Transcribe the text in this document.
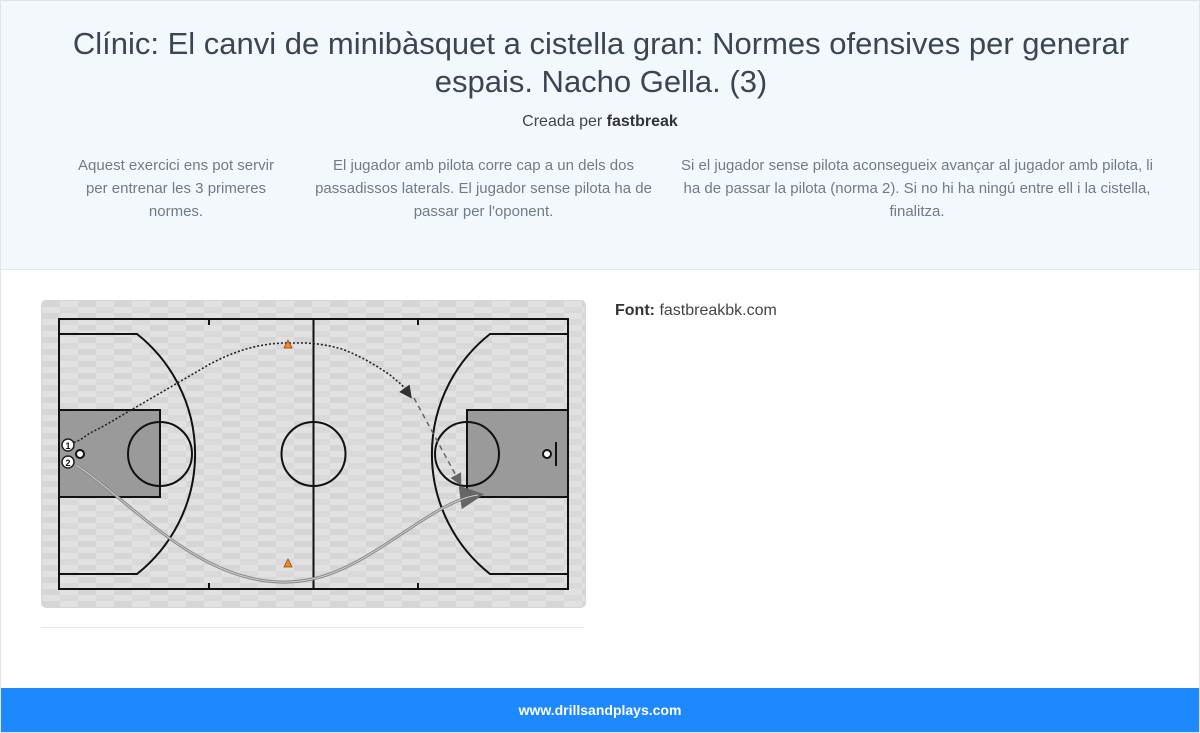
Clínic: El canvi de minibàsquet a cistella gran: Normes ofensives per generar espais. Nacho Gella. (3)
Creada per fastbreak
Aquest exercici ens pot servir per entrenar les 3 primeres normes.
El jugador amb pilota corre cap a un dels dos passadissos laterals. El jugador sense pilota ha de passar per l'oponent.
Si el jugador sense pilota aconsegueix avançar al jugador amb pilota, li ha de passar la pilota (norma 2). Si no hi ha ningú entre ell i la cistella, finalitza.
1
2
Font: fastbreakbk.com
www.drillsandplays.com
